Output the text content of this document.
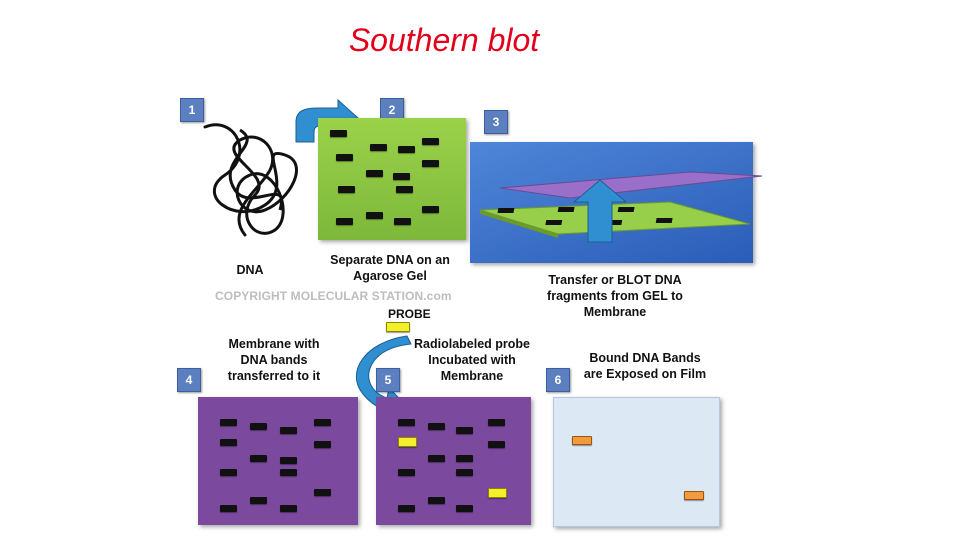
Southern blot
1
DNA
2
Separate DNA on an
Agarose Gel
COPYRIGHT MOLECULAR STATION.com
3
Transfer or BLOT DNA
fragments from GEL to
Membrane
PROBE
Membrane with
DNA bands
transferred to it
4
Radiolabeled probe
Incubated with
Membrane
5
Bound DNA Bands
are Exposed on Film
6
